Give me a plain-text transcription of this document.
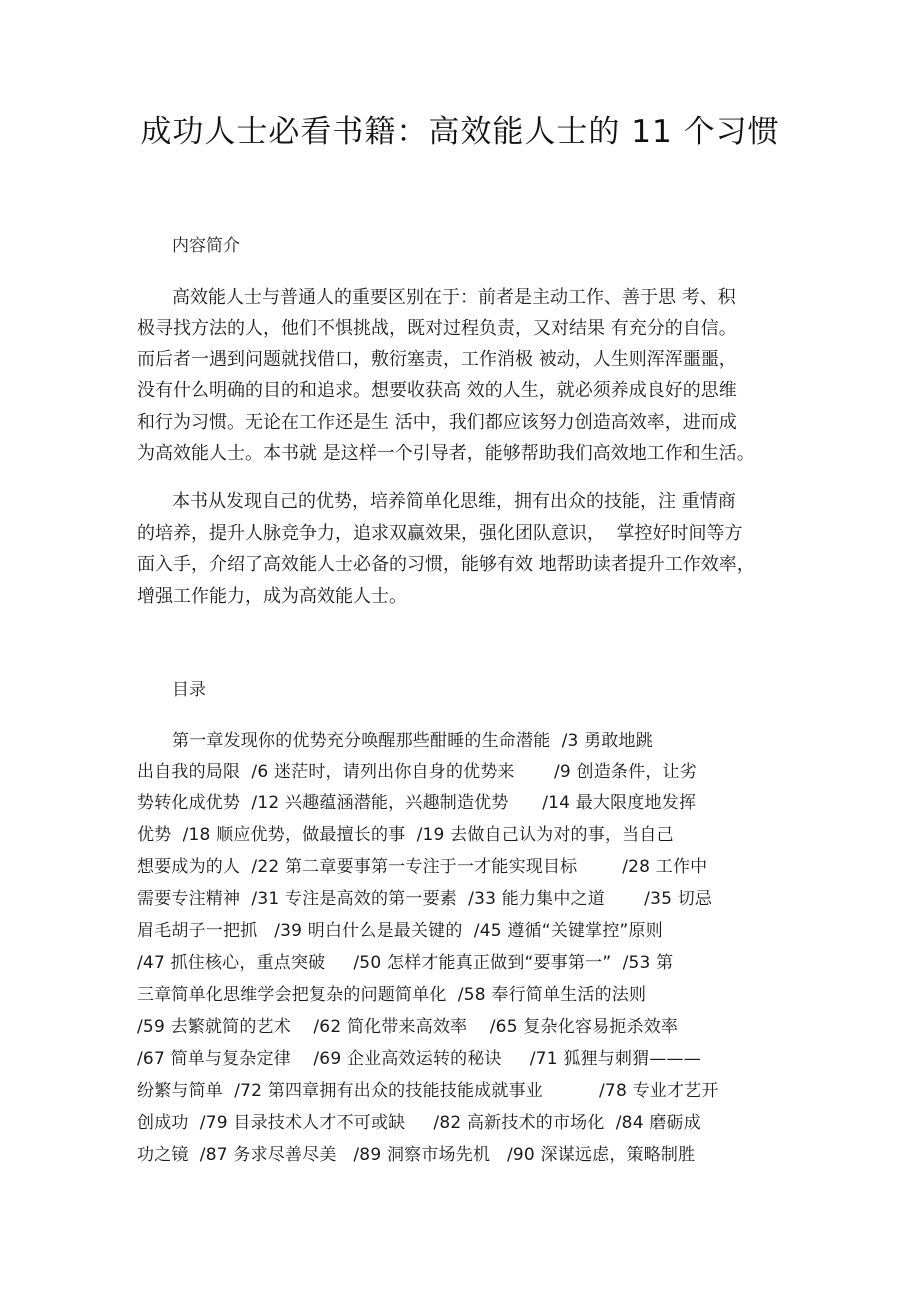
成功人士必看书籍：高效能人士的 11 个习惯
内容简介
高效能人士与普通人的重要区别在于：前者是主动工作、善于思 考、积
极寻找方法的人，他们不惧挑战，既对过程负责，又对结果 有充分的自信。
而后者一遇到问题就找借口，敷衍塞责，工作消极 被动，人生则浑浑噩噩，
没有什么明确的目的和追求。想要收获高 效的人生，就必须养成良好的思维
和行为习惯。无论在工作还是生 活中，我们都应该努力创造高效率，进而成
为高效能人士。本书就 是这样一个引导者，能够帮助我们高效地工作和生活。
本书从发现自己的优势，培养简单化思维，拥有出众的技能，注 重情商
的培养，提升人脉竞争力，追求双赢效果，强化团队意识，  掌控好时间等方
面入手，介绍了高效能人士必备的习惯，能够有效 地帮助读者提升工作效率，
增强工作能力，成为高效能人士。
目录
第一章发现你的优势充分唤醒那些酣睡的生命潜能  /3 勇敢地跳
出自我的局限  /6 迷茫时，请列出你自身的优势来       /9 创造条件，让劣
势转化成优势  /12 兴趣蕴涵潜能，兴趣制造优势      /14 最大限度地发挥
优势  /18 顺应优势，做最擅长的事  /19 去做自己认为对的事，当自己
想要成为的人  /22 第二章要事第一专注于一才能实现目标        /28 工作中
需要专注精神  /31 专注是高效的第一要素  /33 能力集中之道       /35 切忌
眉毛胡子一把抓   /39 明白什么是最关键的  /45 遵循“关键掌控”原则
/47 抓住核心，重点突破     /50 怎样才能真正做到“要事第一”  /53 第
三章简单化思维学会把复杂的问题简单化  /58 奉行简单生活的法则
/59 去繁就简的艺术    /62 简化带来高效率    /65 复杂化容易扼杀效率
/67 简单与复杂定律    /69 企业高效运转的秘诀     /71 狐狸与刺猬———
纷繁与简单  /72 第四章拥有出众的技能技能成就事业          /78 专业才艺开
创成功  /79 目录技术人才不可或缺     /82 高新技术的市场化  /84 磨砺成
功之镜  /87 务求尽善尽美   /89 洞察市场先机   /90 深谋远虑，策略制胜
